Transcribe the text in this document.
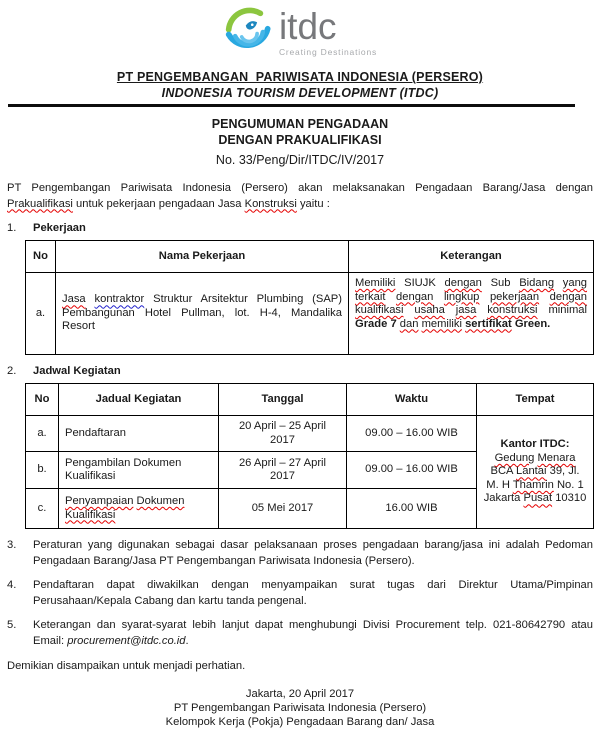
itdc
Creating Destinations
PT PENGEMBANGAN  PARIWISATA INDONESIA (PERSERO)
INDONESIA TOURISM DEVELOPMENT (ITDC)
PENGUMUMAN PENGADAAN
DENGAN PRAKUALIFIKASI
No. 33/Peng/Dir/ITDC/IV/2017

PT Pengembangan Pariwisata Indonesia (Persero) akan melaksanakan Pengadaan Barang/Jasa dengan Prakualifikasi untuk pekerjaan pengadaan Jasa Konstruksi yaitu :

1.	Pekerjaan
No	Nama Pekerjaan	Keterangan
a.	Jasa kontraktor Struktur Arsitektur Plumbing (SAP) Pembangunan Hotel Pullman, lot. H-4, Mandalika Resort	Memiliki SIUJK dengan Sub Bidang yang terkait dengan lingkup pekerjaan dengan kualifikasi usaha jasa konstruksi minimal Grade 7 dan memiliki sertifikat Green.
2.	Jadwal Kegiatan
No	Jadual Kegiatan	Tanggal	Waktu	Tempat
a.	Pendaftaran	20 April – 25 April 2017	09.00 – 16.00 WIB	Kantor ITDC:
Gedung Menara BCA Lantai 39, Jl. M. H Thamrin No. 1 Jakarta Pusat 10310
b.	Pengambilan Dokumen Kualifikasi	26 April – 27 April 2017	09.00 – 16.00 WIB	
c.	Penyampaian Dokumen Kualifikasi	05 Mei 2017	16.00 WIB	
3.	Peraturan yang digunakan sebagai dasar pelaksanaan proses pengadaan barang/jasa ini adalah Pedoman Pengadaan Barang/Jasa PT Pengembangan Pariwisata Indonesia (Persero).
4.	Pendaftaran dapat diwakilkan dengan menyampaikan surat tugas dari Direktur Utama/Pimpinan Perusahaan/Kepala Cabang dan kartu tanda pengenal.
5.	Keterangan dan syarat-syarat lebih lanjut dapat menghubungi Divisi Procurement telp. 021-80642790 atau Email: procurement@itdc.co.id.
Demikian disampaikan untuk menjadi perhatian.
Jakarta, 20 April 2017
PT Pengembangan Pariwisata Indonesia (Persero)
Kelompok Kerja (Pokja) Pengadaan Barang dan/ Jasa
